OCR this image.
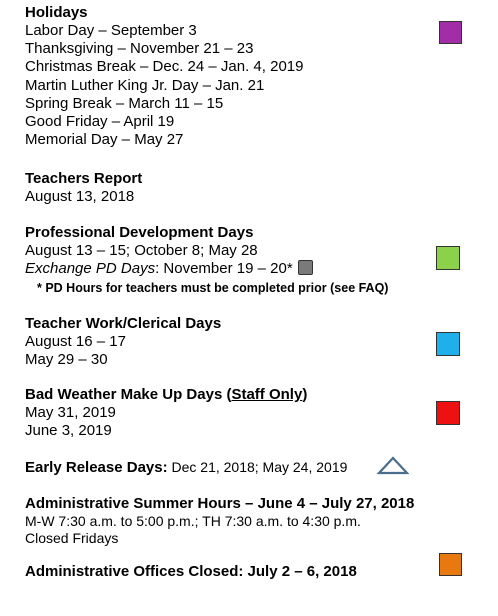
Holidays
Labor Day – September 3
Thanksgiving – November 21 – 23
Christmas Break – Dec. 24 – Jan. 4, 2019
Martin Luther King Jr. Day – Jan. 21
Spring Break – March 11 – 15
Good Friday – April 19
Memorial Day – May 27
Teachers Report
August 13, 2018
Professional Development Days
August 13 – 15; October 8; May 28
Exchange PD Days: November 19 – 20*
* PD Hours for teachers must be completed prior (see FAQ)
Teacher Work/Clerical Days
August 16 – 17
May 29 – 30
Bad Weather Make Up Days (Staff Only)
May 31, 2019
June 3, 2019
Early Release Days: Dec 21, 2018; May 24, 2019
Administrative Summer Hours – June 4 – July 27, 2018
M-W 7:30 a.m. to 5:00 p.m.; TH 7:30 a.m. to 4:30 p.m.
Closed Fridays
Administrative Offices Closed: July 2 – 6, 2018
